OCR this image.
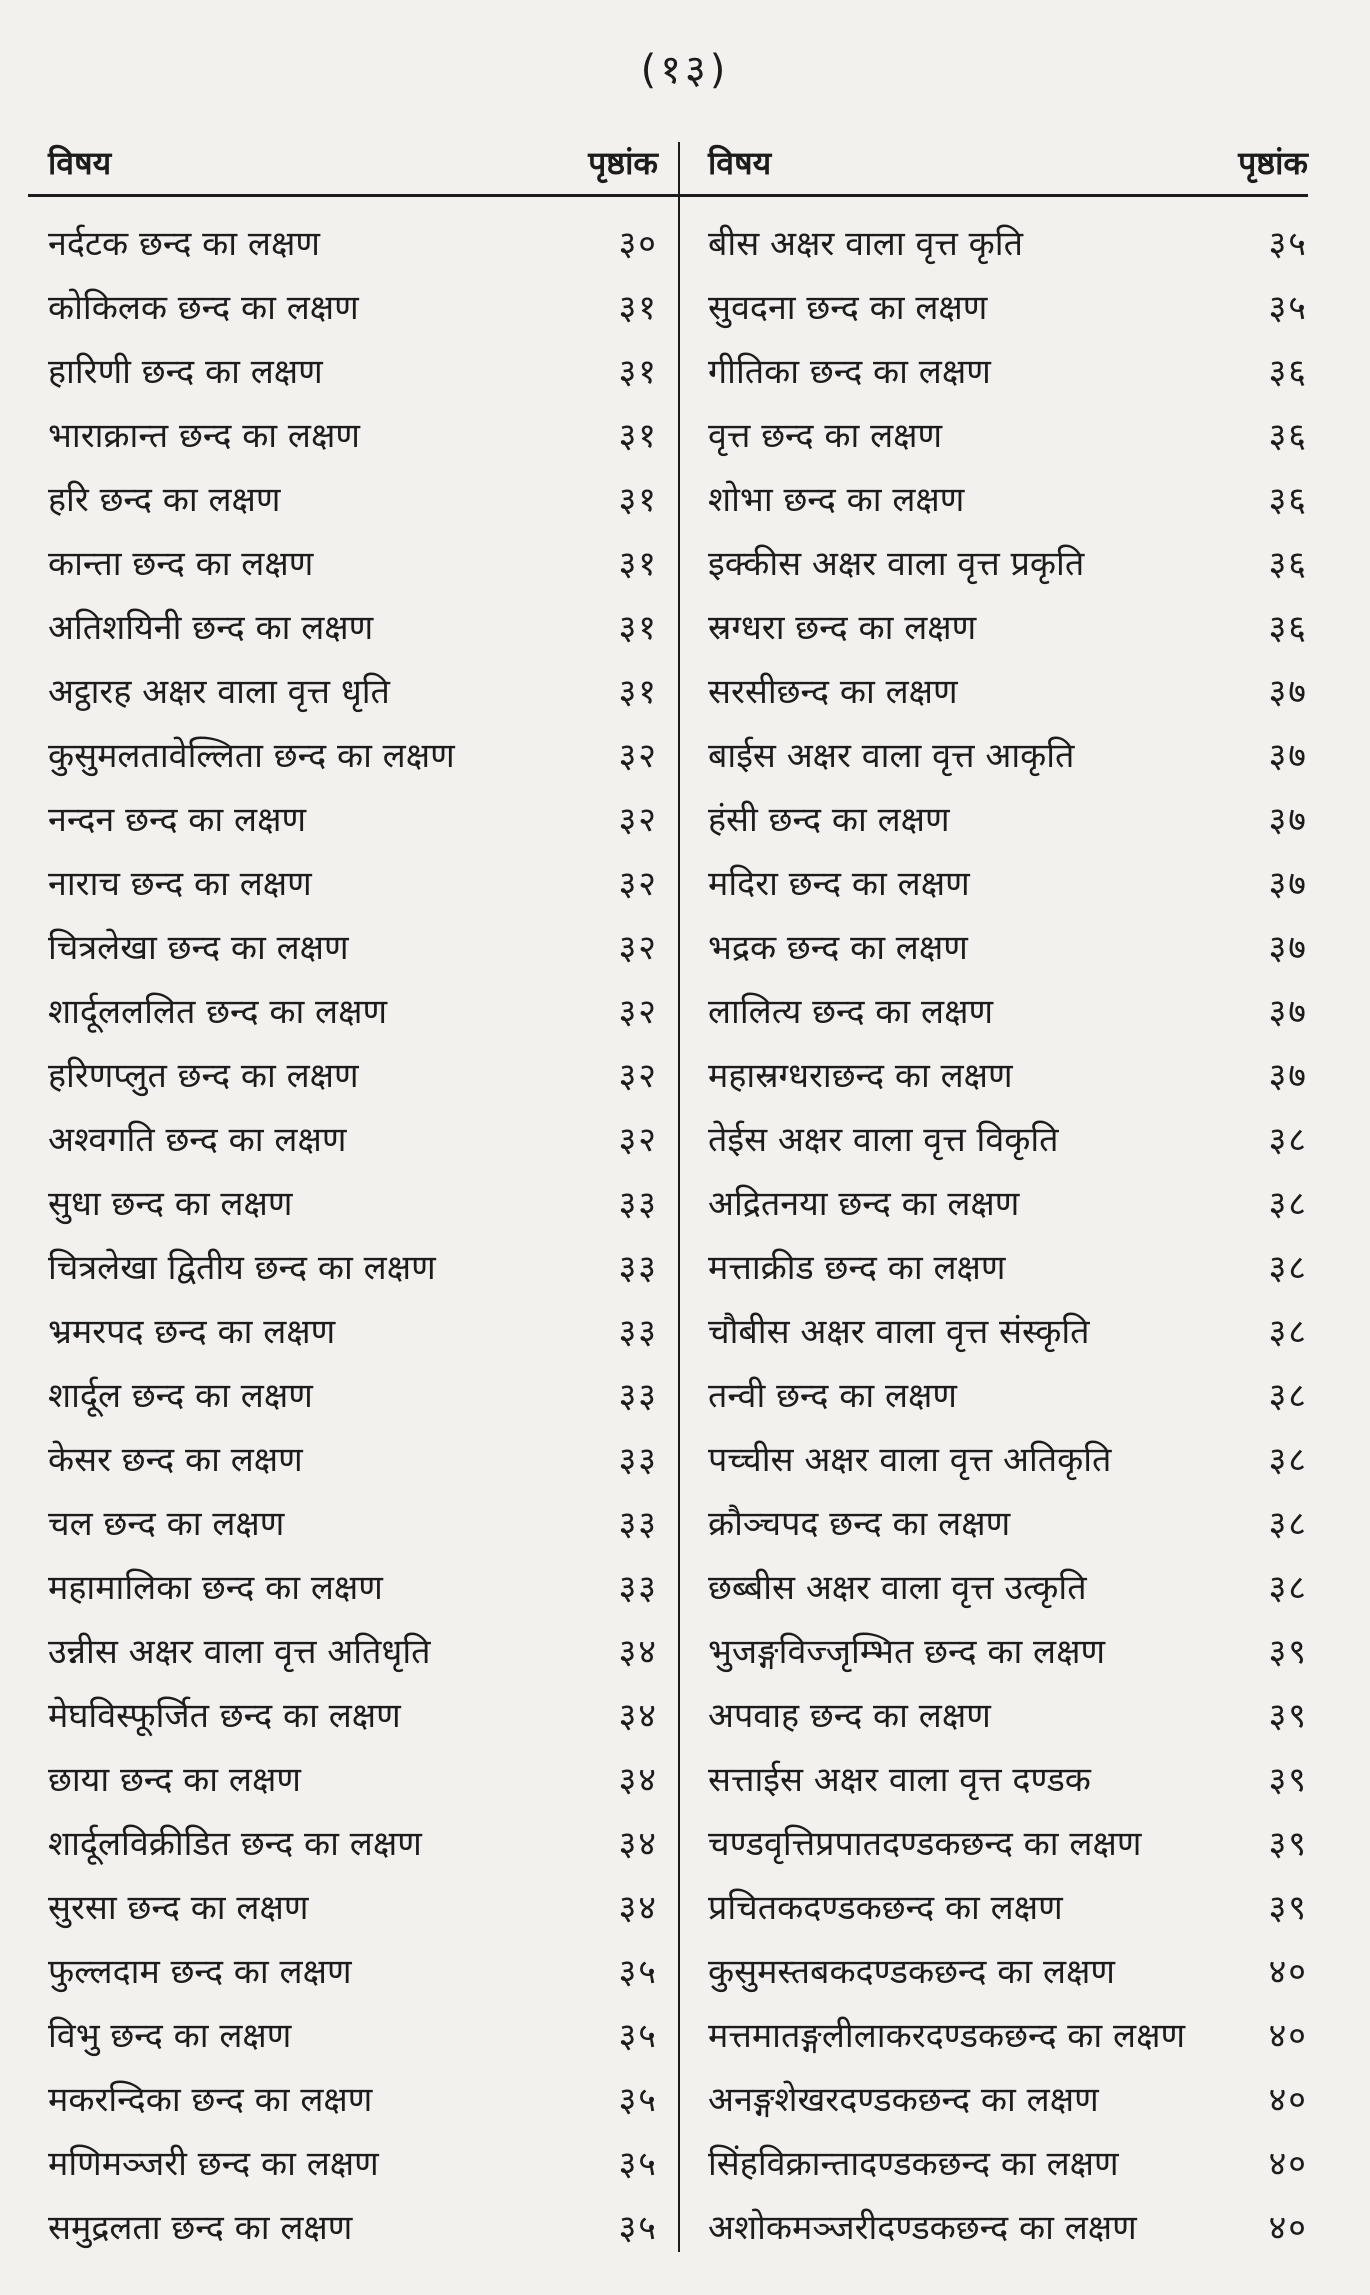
(१३)
विषय	पृष्ठांक
नर्दटक छन्द का लक्षण	३०
कोकिलक छन्द का लक्षण	३१
हारिणी छन्द का लक्षण	३१
भाराक्रान्त छन्द का लक्षण	३१
हरि छन्द का लक्षण	३१
कान्ता छन्द का लक्षण	३१
अतिशयिनी छन्द का लक्षण	३१
अट्ठारह अक्षर वाला वृत्त धृति	३१
कुसुमलतावेल्लिता छन्द का लक्षण	३२
नन्दन छन्द का लक्षण	३२
नाराच छन्द का लक्षण	३२
चित्रलेखा छन्द का लक्षण	३२
शार्दूलललित छन्द का लक्षण	३२
हरिणप्लुत छन्द का लक्षण	३२
अश्वगति छन्द का लक्षण	३२
सुधा छन्द का लक्षण	३३
चित्रलेखा द्वितीय छन्द का लक्षण	३३
भ्रमरपद छन्द का लक्षण	३३
शार्दूल छन्द का लक्षण	३३
केसर छन्द का लक्षण	३३
चल छन्द का लक्षण	३३
महामालिका छन्द का लक्षण	३३
उन्नीस अक्षर वाला वृत्त अतिधृति	३४
मेघविस्फूर्जित छन्द का लक्षण	३४
छाया छन्द का लक्षण	३४
शार्दूलविक्रीडित छन्द का लक्षण	३४
सुरसा छन्द का लक्षण	३४
फुल्लदाम छन्द का लक्षण	३५
विभु छन्द का लक्षण	३५
मकरन्दिका छन्द का लक्षण	३५
मणिमञ्जरी छन्द का लक्षण	३५
समुद्रलता छन्द का लक्षण	३५
विषय	पृष्ठांक
बीस अक्षर वाला वृत्त कृति	३५
सुवदना छन्द का लक्षण	३५
गीतिका छन्द का लक्षण	३६
वृत्त छन्द का लक्षण	३६
शोभा छन्द का लक्षण	३६
इक्कीस अक्षर वाला वृत्त प्रकृति	३६
स्रग्धरा छन्द का लक्षण	३६
सरसीछन्द का लक्षण	३७
बाईस अक्षर वाला वृत्त आकृति	३७
हंसी छन्द का लक्षण	३७
मदिरा छन्द का लक्षण	३७
भद्रक छन्द का लक्षण	३७
लालित्य छन्द का लक्षण	३७
महास्रग्धराछन्द का लक्षण	३७
तेईस अक्षर वाला वृत्त विकृति	३८
अद्रितनया छन्द का लक्षण	३८
मत्ताक्रीड छन्द का लक्षण	३८
चौबीस अक्षर वाला वृत्त संस्कृति	३८
तन्वी छन्द का लक्षण	३८
पच्चीस अक्षर वाला वृत्त अतिकृति	३८
क्रौञ्चपद छन्द का लक्षण	३८
छब्बीस अक्षर वाला वृत्त उत्कृति	३८
भुजङ्गविज्जृम्भित छन्द का लक्षण	३९
अपवाह छन्द का लक्षण	३९
सत्ताईस अक्षर वाला वृत्त दण्डक	३९
चण्डवृत्तिप्रपातदण्डकछन्द का लक्षण	३९
प्रचितकदण्डकछन्द का लक्षण	३९
कुसुमस्तबकदण्डकछन्द का लक्षण	४०
मत्तमातङ्गलीलाकरदण्डकछन्द का लक्षण	४०
अनङ्गशेखरदण्डकछन्द का लक्षण	४०
सिंहविक्रान्तादण्डकछन्द का लक्षण	४०
अशोकमञ्जरीदण्डकछन्द का लक्षण	४०
